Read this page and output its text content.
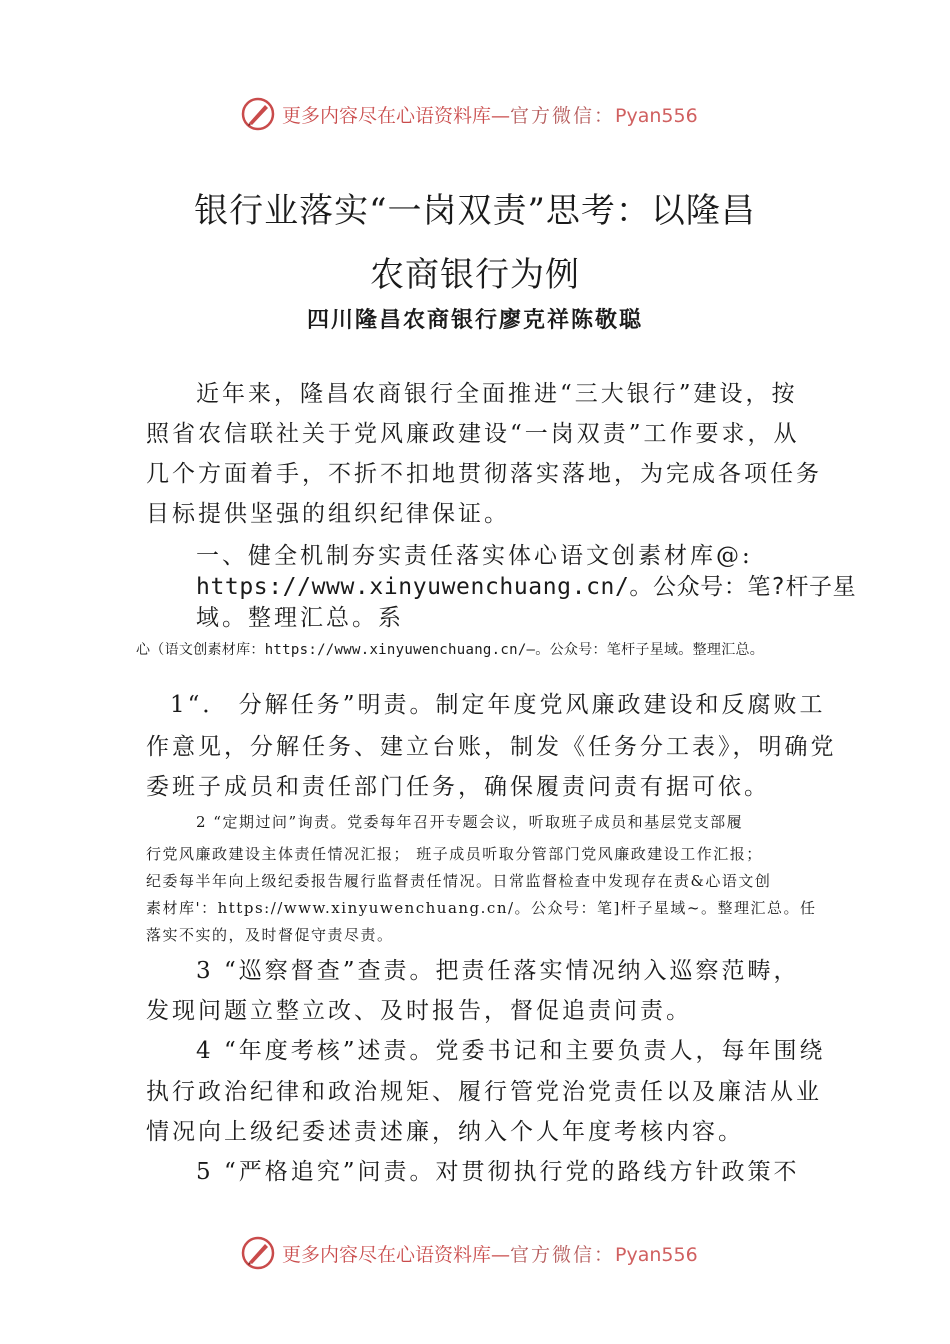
更多内容尽在心语资料库—官方微信：Pyan556
银行业落实“一岗双责”思考：以隆昌
农商银行为例
四川隆昌农商银行廖克祥陈敬聪
近年来，隆昌农商银行全面推进“三大银行”建设，按
照省农信联社关于党风廉政建设“一岗双责”工作要求，从
几个方面着手，不折不扣地贯彻落实落地，为完成各项任务
目标提供坚强的组织纪律保证。
一、健全机制夯实责任落实体心语文创素材库@:
https://www.xinyuwenchuang.cn/。公众号：笔?杆子星
域。整理汇总。系
心（语文创素材库：https://www.xinyuwenchuang.cn/—。公众号：笔杆子星域。整理汇总。
1“． 分解任务”明责。制定年度党风廉政建设和反腐败工
作意见，分解任务、建立台账，制发《任务分工表》，明确党
委班子成员和责任部门任务，确保履责问责有据可依。
2 “定期过问”询责。党委每年召开专题会议，听取班子成员和基层党支部履
行党风廉政建设主体责任情况汇报； 班子成员听取分管部门党风廉政建设工作汇报；
纪委每半年向上级纪委报告履行监督责任情况。日常监督检查中发现存在责&心语文创
素材库'：https://www.xinyuwenchuang.cn/。公众号：笔]杆子星域~。整理汇总。任
落实不实的，及时督促守责尽责。
3 “巡察督查”查责。把责任落实情况纳入巡察范畴，
发现问题立整立改、及时报告，督促追责问责。
4 “年度考核”述责。党委书记和主要负责人，每年围绕
执行政治纪律和政治规矩、履行管党治党责任以及廉洁从业
情况向上级纪委述责述廉，纳入个人年度考核内容。
5 “严格追究”问责。对贯彻执行党的路线方针政策不
更多内容尽在心语资料库—官方微信：Pyan556
